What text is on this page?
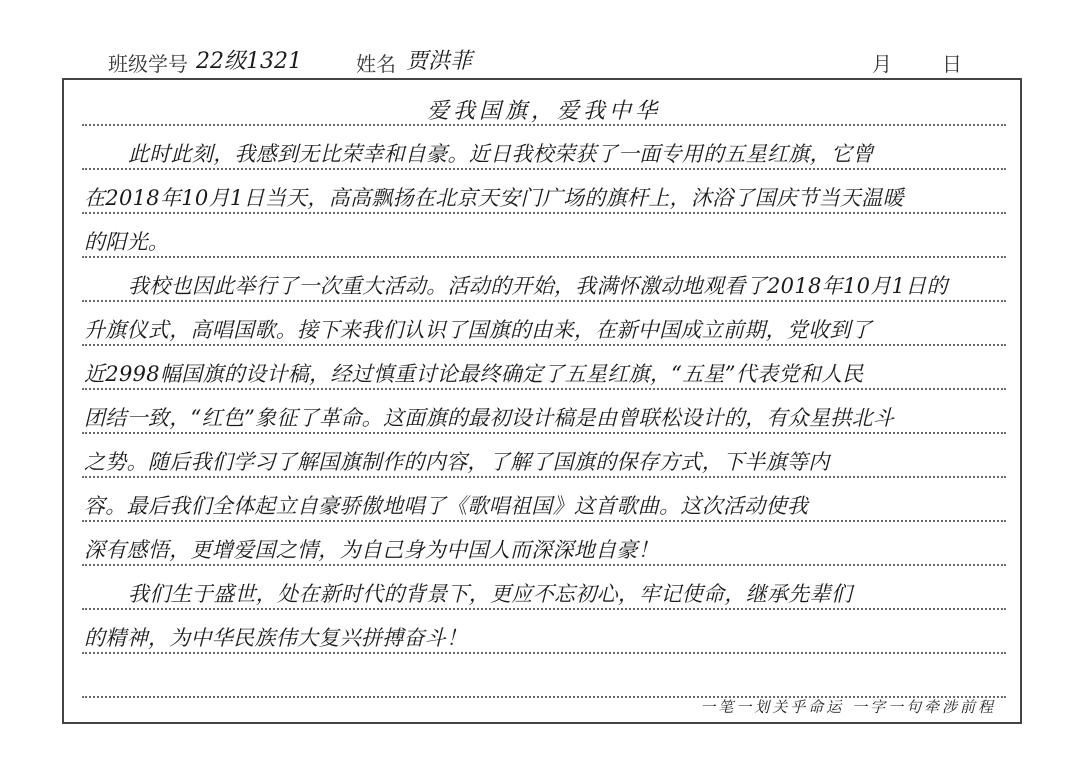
班级学号 22级1321	姓名 贾洪菲	月	日
爱我国旗，爱我中华
此时此刻，我感到无比荣幸和自豪。近日我校荣获了一面专用的五星红旗，它曾
在2018年10月1日当天，高高飘扬在北京天安门广场的旗杆上，沐浴了国庆节当天温暖
的阳光。
我校也因此举行了一次重大活动。活动的开始，我满怀激动地观看了2018年10月1日的
升旗仪式，高唱国歌。接下来我们认识了国旗的由来，在新中国成立前期，党收到了
近2998幅国旗的设计稿，经过慎重讨论最终确定了五星红旗，“五星”代表党和人民
团结一致，“红色”象征了革命。这面旗的最初设计稿是由曾联松设计的，有众星拱北斗
之势。随后我们学习了解国旗制作的内容，了解了国旗的保存方式，下半旗等内
容。最后我们全体起立自豪骄傲地唱了《歌唱祖国》这首歌曲。这次活动使我
深有感悟，更增爱国之情，为自己身为中国人而深深地自豪！
我们生于盛世，处在新时代的背景下，更应不忘初心，牢记使命，继承先辈们
的精神，为中华民族伟大复兴拼搏奋斗！
一笔一划关乎命运 一字一句牵涉前程
